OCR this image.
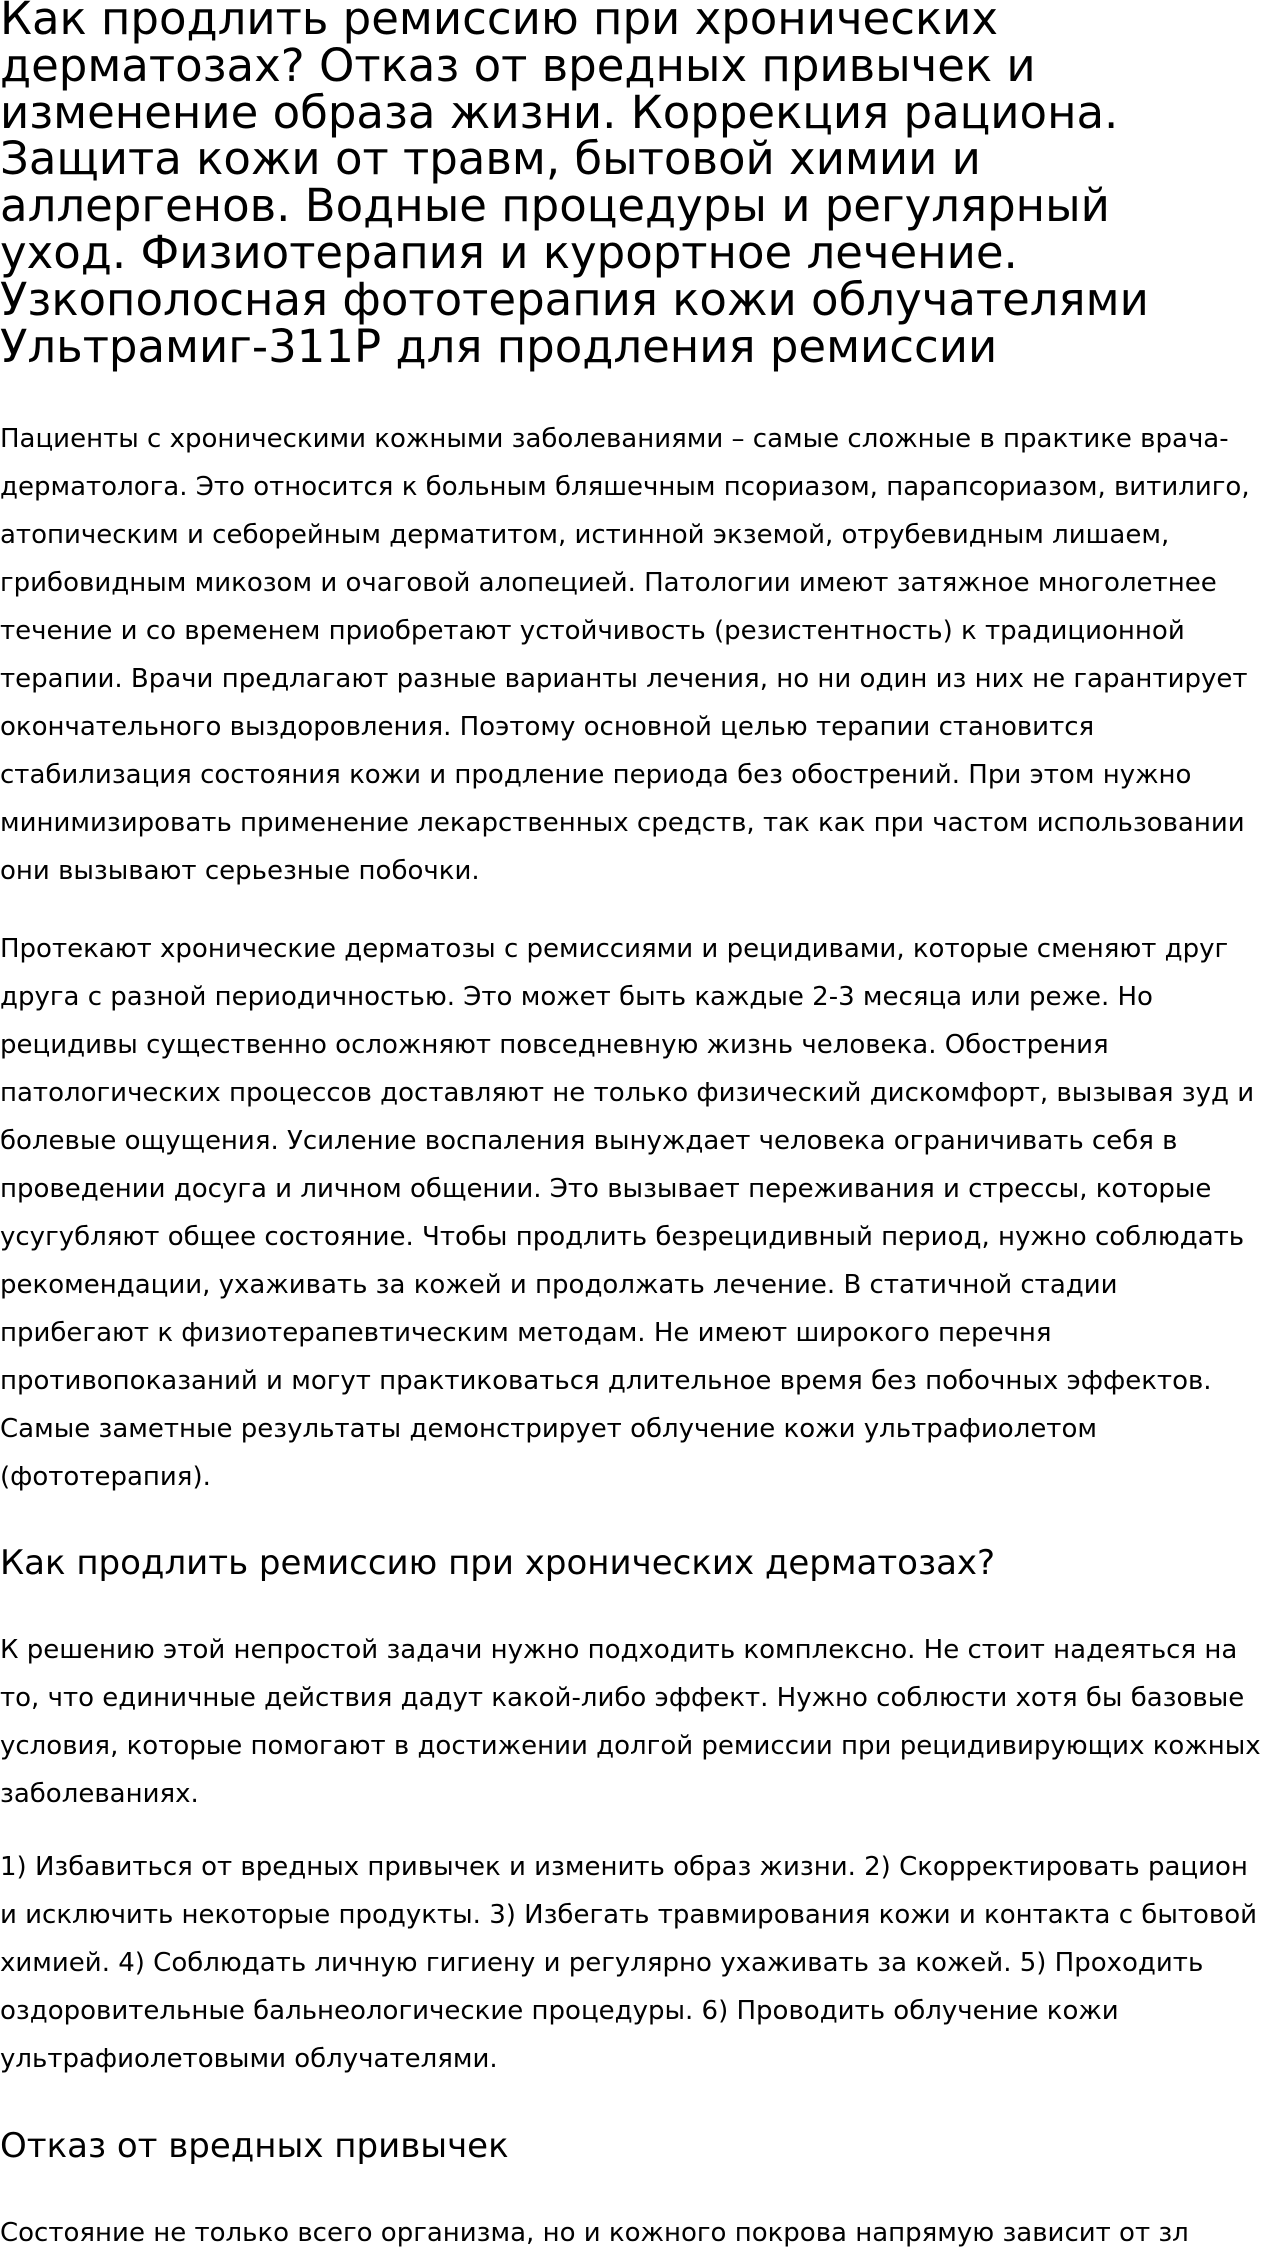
Как продлить ремиссию при хронических дерматозах? Отказ от вредных привычек и изменение образа жизни. Коррекция рациона. Защита кожи от травм, бытовой химии и аллергенов. Водные процедуры и регулярный уход. Физиотерапия и курортное лечение. Узкополосная фототерапия кожи облучателями Ультрамиг-311Р для продления ремиссии

Пациенты с хроническими кожными заболеваниями – самые сложные в практике врача-дерматолога. Это относится к больным бляшечным псориазом, парапсориазом, витилиго, атопическим и себорейным дерматитом, истинной экземой, отрубевидным лишаем, грибовидным микозом и очаговой алопецией. Патологии имеют затяжное многолетнее течение и со временем приобретают устойчивость (резистентность) к традиционной терапии. Врачи предлагают разные варианты лечения, но ни один из них не гарантирует окончательного выздоровления. Поэтому основной целью терапии становится стабилизация состояния кожи и продление периода без обострений. При этом нужно минимизировать применение лекарственных средств, так как при частом использовании они вызывают серьезные побочки.

Протекают хронические дерматозы с ремиссиями и рецидивами, которые сменяют друг друга с разной периодичностью. Это может быть каждые 2-3 месяца или реже. Но рецидивы существенно осложняют повседневную жизнь человека. Обострения патологических процессов доставляют не только физический дискомфорт, вызывая зуд и болевые ощущения. Усиление воспаления вынуждает человека ограничивать себя в проведении досуга и личном общении. Это вызывает переживания и стрессы, которые усугубляют общее состояние. Чтобы продлить безрецидивный период, нужно соблюдать рекомендации, ухаживать за кожей и продолжать лечение. В статичной стадии прибегают к физиотерапевтическим методам. Не имеют широкого перечня противопоказаний и могут практиковаться длительное время без побочных эффектов. Самые заметные результаты демонстрирует облучение кожи ультрафиолетом (фототерапия).

Как продлить ремиссию при хронических дерматозах?

К решению этой непростой задачи нужно подходить комплексно. Не стоит надеяться на то, что единичные действия дадут какой-либо эффект. Нужно соблюсти хотя бы базовые условия, которые помогают в достижении долгой ремиссии при рецидивирующих кожных заболеваниях.

1) Избавиться от вредных привычек и изменить образ жизни. 2) Скорректировать рацион и исключить некоторые продукты. 3) Избегать травмирования кожи и контакта с бытовой химией. 4) Соблюдать личную гигиену и регулярно ухаживать за кожей. 5) Проходить оздоровительные бальнеологические процедуры. 6) Проводить облучение кожи ультрафиолетовыми облучателями.

Отказ от вредных привычек

Состояние не только всего организма, но и кожного покрова напрямую зависит от зл
